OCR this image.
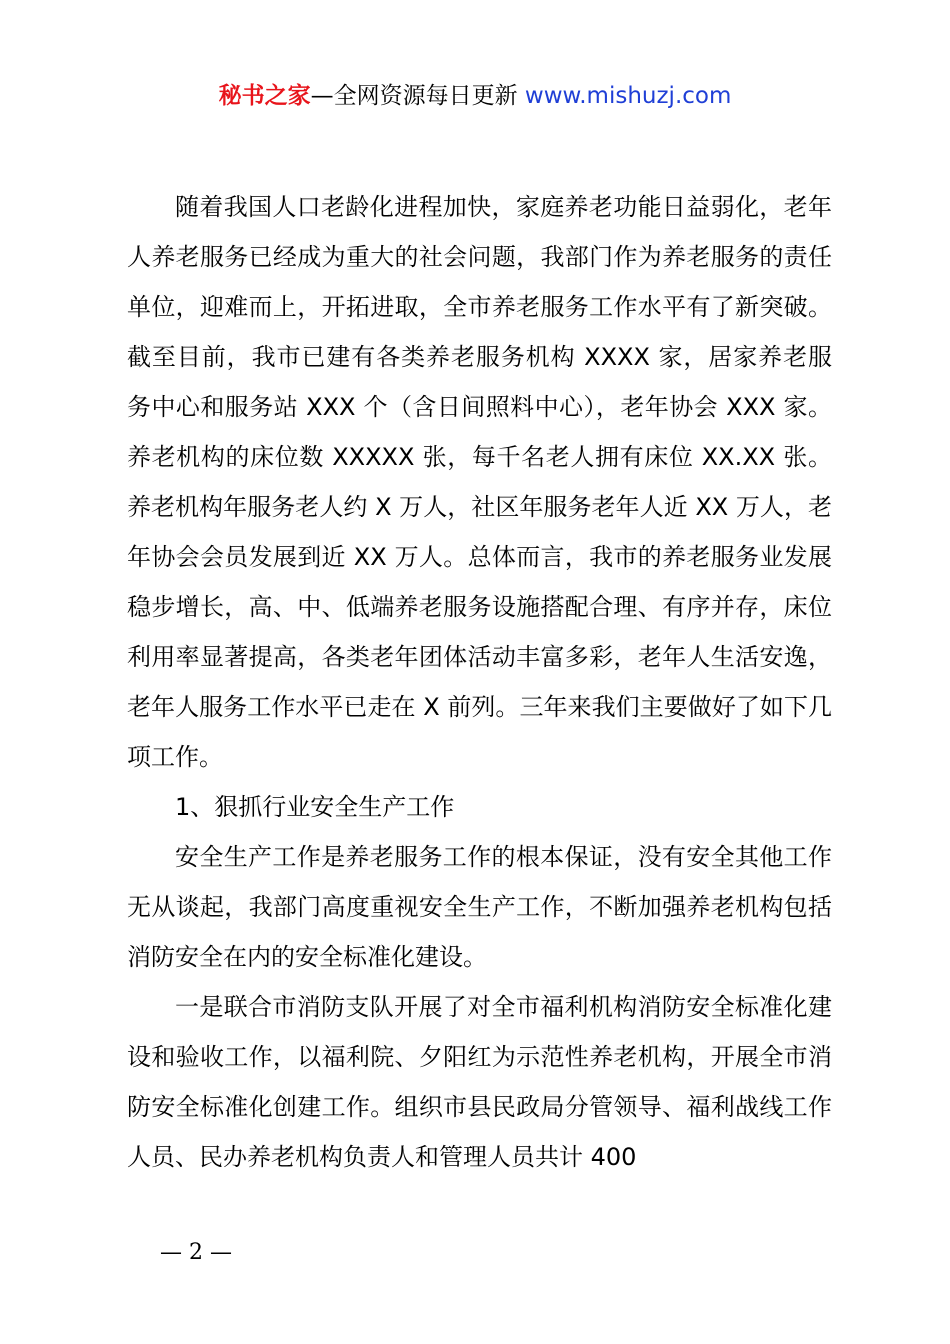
秘书之家—全网资源每日更新 www.mishuzj.com

随着我国人口老龄化进程加快，家庭养老功能日益弱化，老年人养老服务已经成为重大的社会问题，我部门作为养老服务的责任单位，迎难而上，开拓进取，全市养老服务工作水平有了新突破。截至目前，我市已建有各类养老服务机构 XXXX 家，居家养老服务中心和服务站 XXX 个（含日间照料中心），老年协会 XXX 家。养老机构的床位数 XXXXX 张，每千名老人拥有床位 XX.XX 张。养老机构年服务老人约 X 万人，社区年服务老年人近 XX 万人，老年协会会员发展到近 XX 万人。总体而言，我市的养老服务业发展稳步增长，高、中、低端养老服务设施搭配合理、有序并存，床位利用率显著提高，各类老年团体活动丰富多彩，老年人生活安逸，老年人服务工作水平已走在 X 前列。三年来我们主要做好了如下几项工作。

1、狠抓行业安全生产工作

安全生产工作是养老服务工作的根本保证，没有安全其他工作无从谈起，我部门高度重视安全生产工作，不断加强养老机构包括消防安全在内的安全标准化建设。

一是联合市消防支队开展了对全市福利机构消防安全标准化建设和验收工作，以福利院、夕阳红为示范性养老机构，开展全市消防安全标准化创建工作。组织市县民政局分管领导、福利战线工作人员、民办养老机构负责人和管理人员共计 400

— 2 —
